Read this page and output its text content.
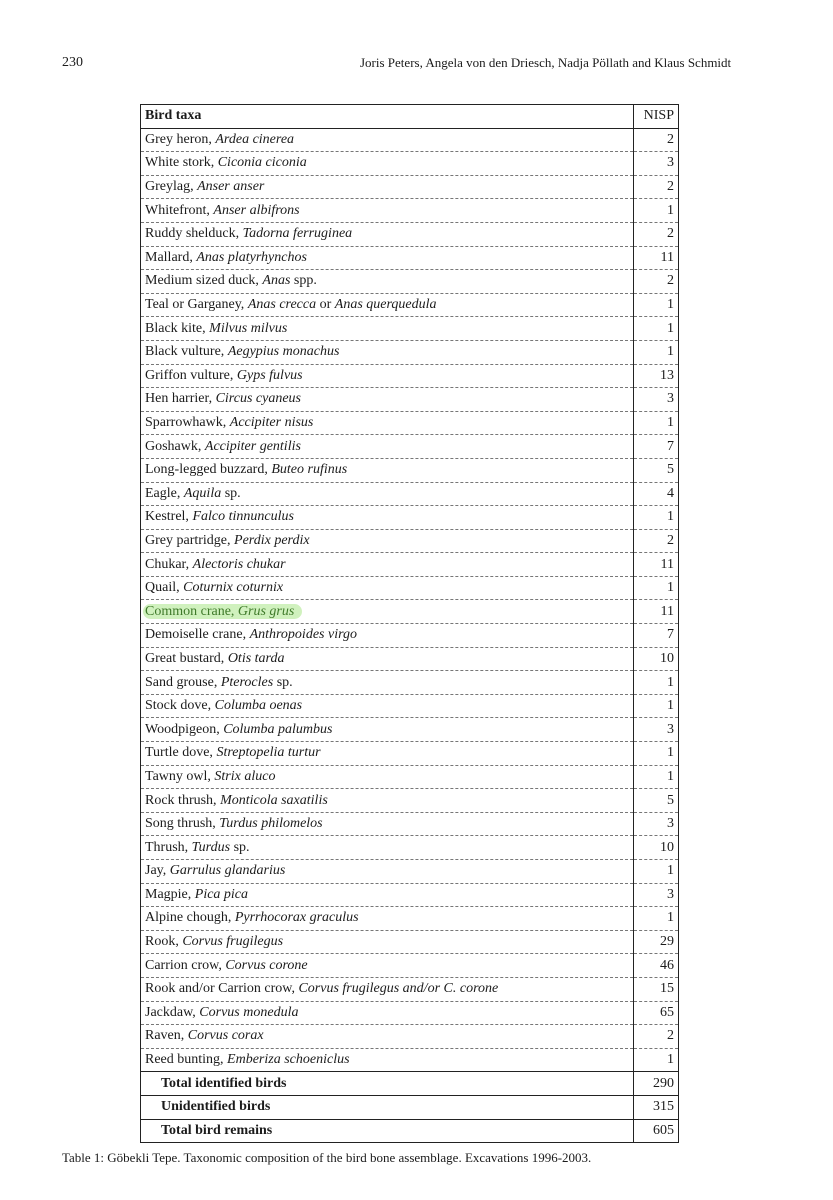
230	Joris Peters, Angela von den Driesch, Nadja Pöllath and Klaus Schmidt
Bird taxa	NISP
Grey heron, Ardea cinerea	2
White stork, Ciconia ciconia	3
Greylag, Anser anser	2
Whitefront, Anser albifrons	1
Ruddy shelduck, Tadorna ferruginea	2
Mallard, Anas platyrhynchos	11
Medium sized duck, Anas spp.	2
Teal or Garganey, Anas crecca or Anas querquedula	1
Black kite, Milvus milvus	1
Black vulture, Aegypius monachus	1
Griffon vulture, Gyps fulvus	13
Hen harrier, Circus cyaneus	3
Sparrowhawk, Accipiter nisus	1
Goshawk, Accipiter gentilis	7
Long-legged buzzard, Buteo rufinus	5
Eagle, Aquila sp.	4
Kestrel, Falco tinnunculus	1
Grey partridge, Perdix perdix	2
Chukar, Alectoris chukar	11
Quail, Coturnix coturnix	1
Common crane, Grus grus	11
Demoiselle crane, Anthropoides virgo	7
Great bustard, Otis tarda	10
Sand grouse, Pterocles sp.	1
Stock dove, Columba oenas	1
Woodpigeon, Columba palumbus	3
Turtle dove, Streptopelia turtur	1
Tawny owl, Strix aluco	1
Rock thrush, Monticola saxatilis	5
Song thrush, Turdus philomelos	3
Thrush, Turdus sp.	10
Jay, Garrulus glandarius	1
Magpie, Pica pica	3
Alpine chough, Pyrrhocorax graculus	1
Rook, Corvus frugilegus	29
Carrion crow, Corvus corone	46
Rook and/or Carrion crow, Corvus frugilegus and/or C. corone	15
Jackdaw, Corvus monedula	65
Raven, Corvus corax	2
Reed bunting, Emberiza schoeniclus	1
Total identified birds	290
Unidentified birds	315
Total bird remains	605
Table 1: Göbekli Tepe. Taxonomic composition of the bird bone assemblage. Excavations 1996-2003.
